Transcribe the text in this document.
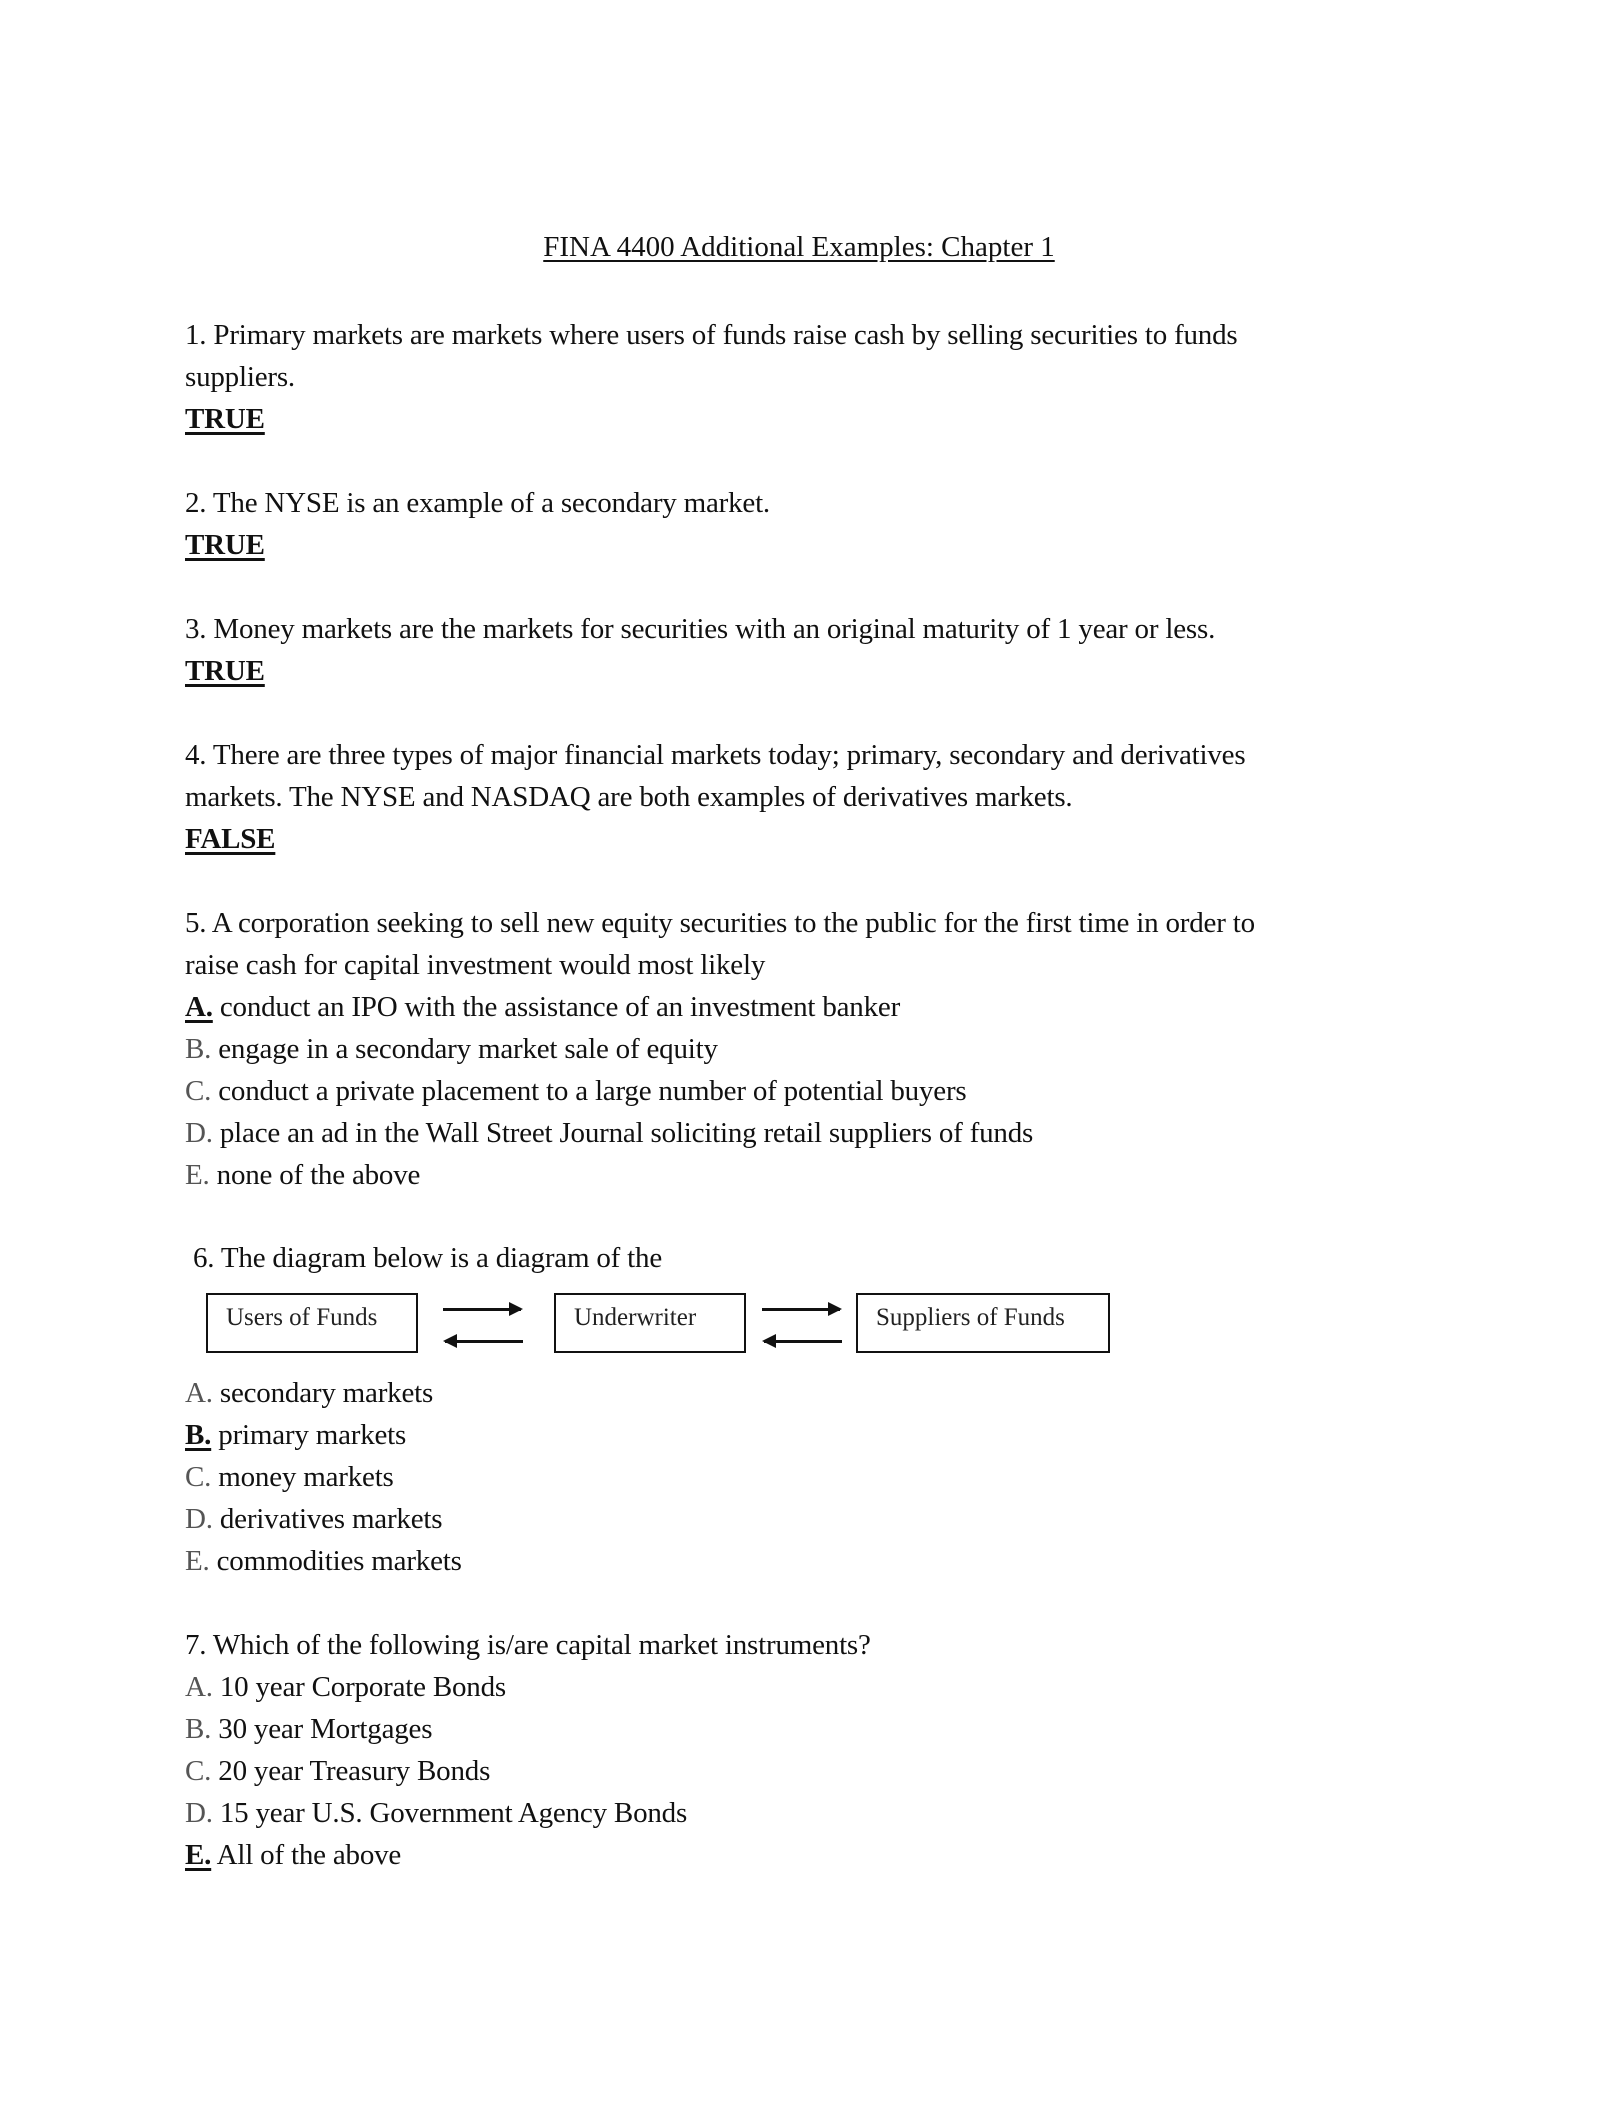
FINA 4400 Additional Examples: Chapter 1
1. Primary markets are markets where users of funds raise cash by selling securities to funds
suppliers.
TRUE
2. The NYSE is an example of a secondary market.
TRUE
3. Money markets are the markets for securities with an original maturity of 1 year or less.
TRUE
4. There are three types of major financial markets today; primary, secondary and derivatives
markets. The NYSE and NASDAQ are both examples of derivatives markets.
FALSE
5. A corporation seeking to sell new equity securities to the public for the first time in order to
raise cash for capital investment would most likely
A. conduct an IPO with the assistance of an investment banker
B. engage in a secondary market sale of equity
C. conduct a private placement to a large number of potential buyers
D. place an ad in the Wall Street Journal soliciting retail suppliers of funds
E. none of the above
6. The diagram below is a diagram of the
Users of Funds	Underwriter	Suppliers of Funds
A. secondary markets
B. primary markets
C. money markets
D. derivatives markets
E. commodities markets
7. Which of the following is/are capital market instruments?
A. 10 year Corporate Bonds
B. 30 year Mortgages
C. 20 year Treasury Bonds
D. 15 year U.S. Government Agency Bonds
E. All of the above
